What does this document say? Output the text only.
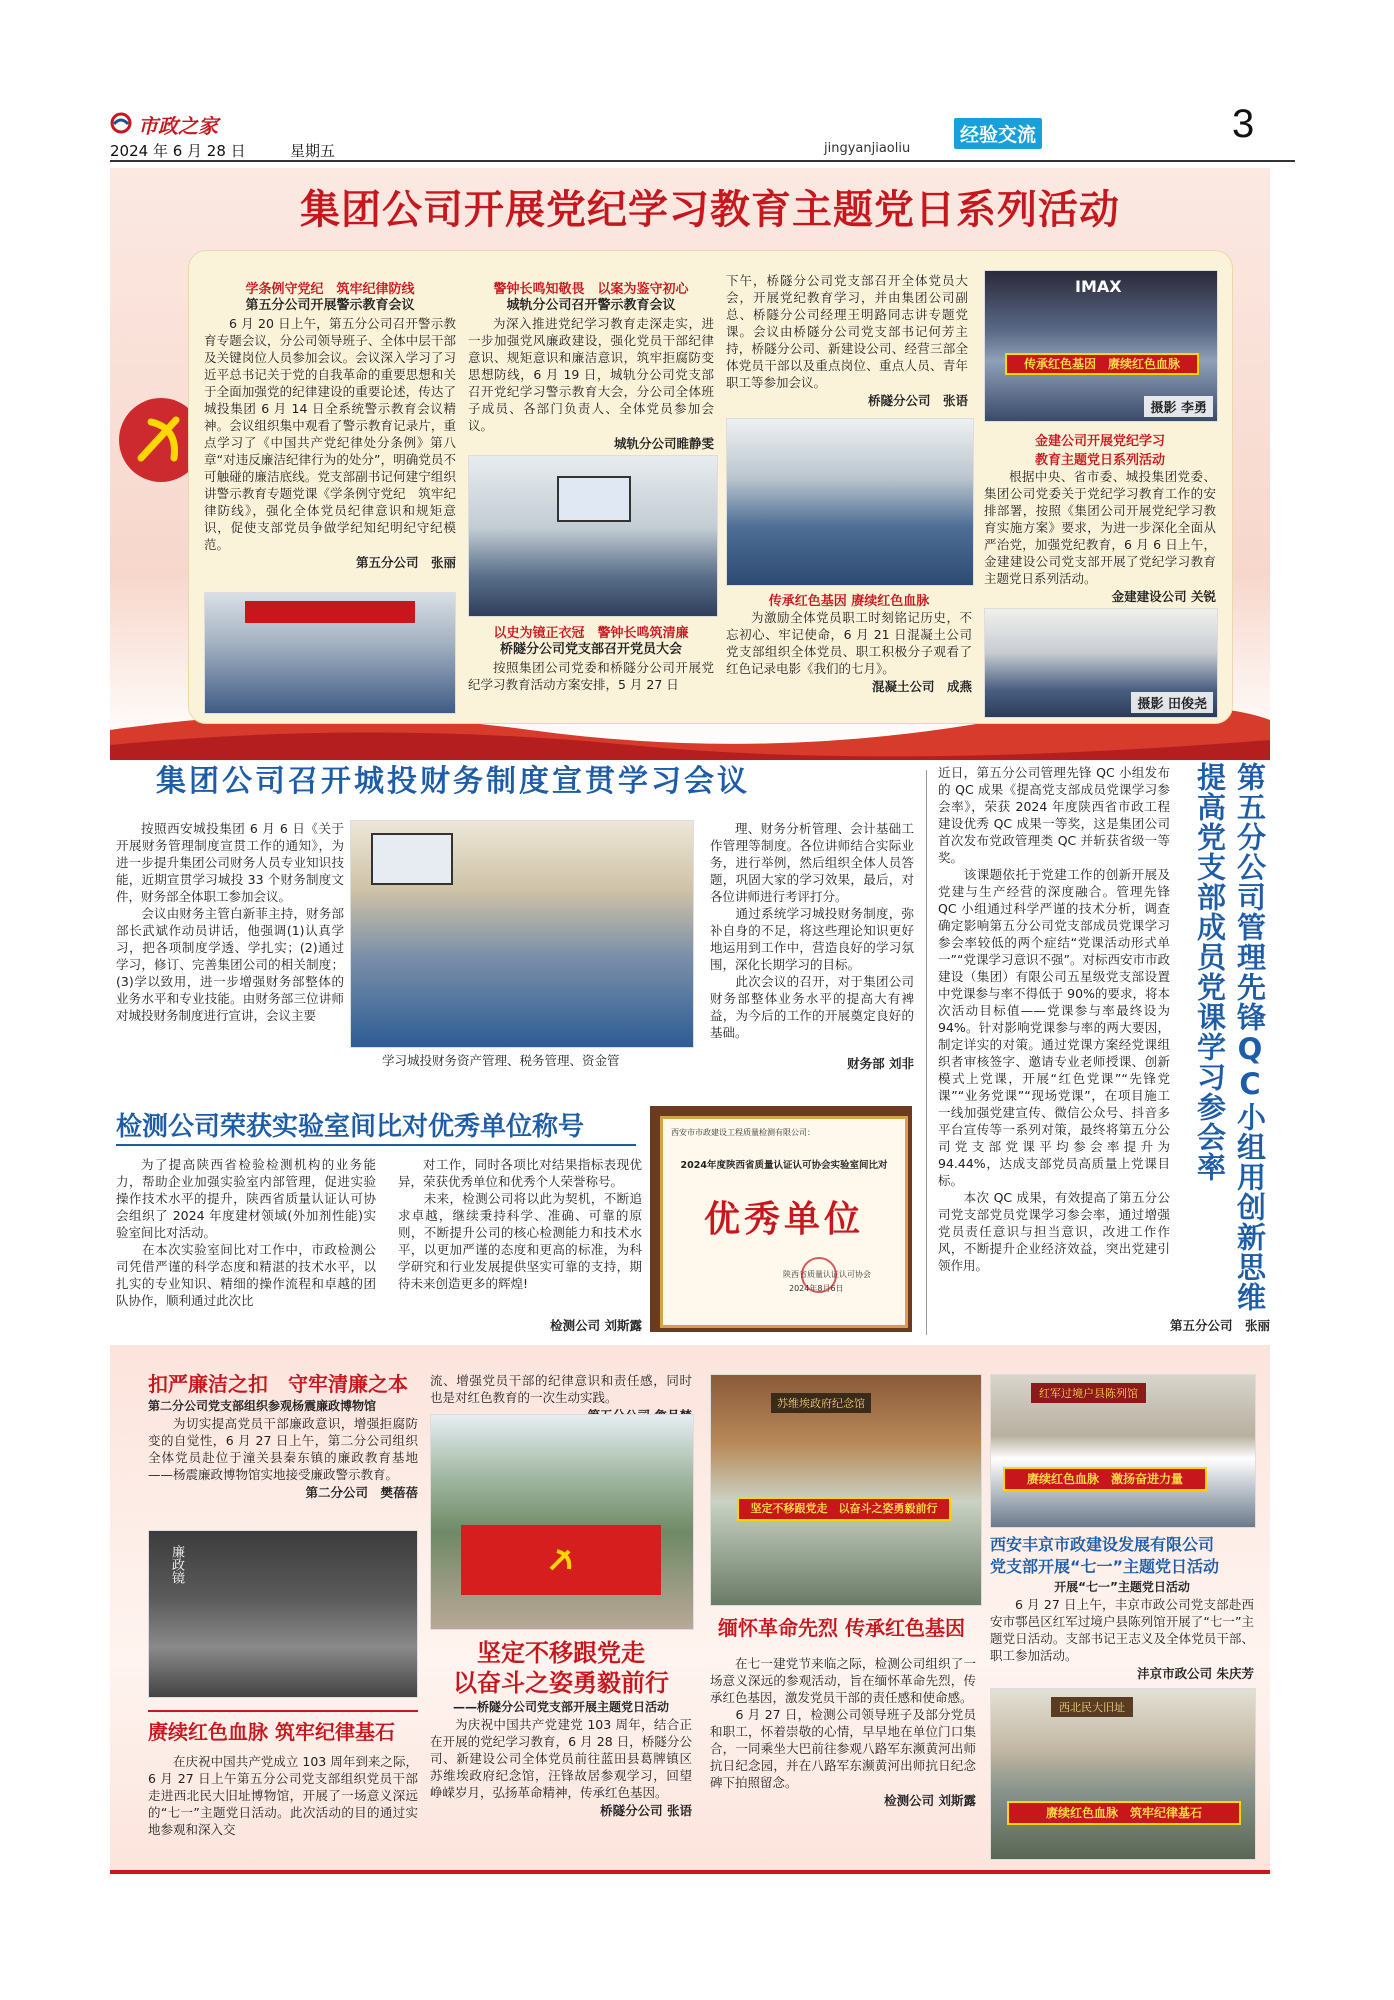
市政之家
2024 年 6 月 28 日	星期五	jingyanjiaoliu
经验交流	3
集团公司开展党纪学习教育主题党日系列活动
学条例守党纪　筑牢纪律防线
第五分公司开展警示教育会议

6 月 20 日上午，第五分公司召开警示教育专题会议，分公司领导班子、全体中层干部及关键岗位人员参加会议。会议深入学习了习近平总书记关于党的自我革命的重要思想和关于全面加强党的纪律建设的重要论述，传达了城投集团 6 月 14 日全系统警示教育会议精神。会议组织集中观看了警示教育记录片，重点学习了《中国共产党纪律处分条例》第八章“对违反廉洁纪律行为的处分”，明确党员不可触碰的廉洁底线。党支部副书记何建宁组织讲警示教育专题党课《学条例守党纪　筑牢纪律防线》，强化全体党员纪律意识和规矩意识，促使支部党员争做学纪知纪明纪守纪模范。

第五分公司　张丽
警钟长鸣知敬畏　以案为鉴守初心
城轨分公司召开警示教育会议

为深入推进党纪学习教育走深走实，进一步加强党风廉政建设，强化党员干部纪律意识、规矩意识和廉洁意识，筑牢拒腐防变思想防线，6 月 19 日，城轨分公司党支部召开党纪学习警示教育大会，分公司全体班子成员、各部门负责人、全体党员参加会议。

城轨分公司睢静雯
以史为镜正衣冠　警钟长鸣筑清廉
桥隧分公司党支部召开党员大会

按照集团公司党委和桥隧分公司开展党纪学习教育活动方案安排，5 月 27 日

下午，桥隧分公司党支部召开全体党员大会，开展党纪教育学习，并由集团公司副总、桥隧分公司经理王明路同志讲专题党课。会议由桥隧分公司党支部书记何芳主持，桥隧分公司、新建设公司、经营三部全体党员干部以及重点岗位、重点人员、青年职工等参加会议。
桥隧分公司　张语
传承红色基因 赓续红色血脉

为激励全体党员职工时刻铭记历史，不忘初心、牢记使命，6 月 21 日混凝土公司党支部组织全体党员、职工积极分子观看了红色记录电影《我们的七月》。

混凝土公司　成燕
IMAX
传承红色基因　赓续红色血脉
摄影 李勇
金建公司开展党纪学习
教育主题党日系列活动

根据中央、省市委、城投集团党委、集团公司党委关于党纪学习教育工作的安排部署，按照《集团公司开展党纪学习教育实施方案》要求，为进一步深化全面从严治党，加强党纪教育，6 月 6 日上午，金建建设公司党支部开展了党纪学习教育主题党日系列活动。

金建建设公司 关锐
摄影 田俊尧
集团公司召开城投财务制度宣贯学习会议

按照西安城投集团 6 月 6 日《关于开展财务管理制度宣贯工作的通知》，为进一步提升集团公司财务人员专业知识技能，近期宣贯学习城投 33 个财务制度文件，财务部全体职工参加会议。
　　会议由财务主管白新菲主持，财务部部长武斌作动员讲话，他强调(1)认真学习，把各项制度学透、学扎实；(2)通过学习，修订、完善集团公司的相关制度；(3)学以致用，进一步增强财务部整体的业务水平和专业技能。由财务部三位讲师对城投财务制度进行宣讲，会议主要

学习城投财务资产管理、税务管理、资金管

理、财务分析管理、会计基础工作管理等制度。各位讲师结合实际业务，进行举例，然后组织全体人员答题，巩固大家的学习效果，最后，对各位讲师进行考评打分。
　　通过系统学习城投财务制度，弥补自身的不足，将这些理论知识更好地运用到工作中，营造良好的学习氛围，深化长期学习的目标。
　　此次会议的召开，对于集团公司财务部整体业务水平的提高大有裨益，为今后的工作的开展奠定良好的基础。

财务部 刘非
近日，第五分公司管理先锋 QC 小组发布的 QC 成果《提高党支部成员党课学习参会率》，荣获 2024 年度陕西省市政工程建设优秀 QC 成果一等奖，这是集团公司首次发布党政管理类 QC 并斩获省级一等奖。
　　该课题依托于党建工作的创新开展及党建与生产经营的深度融合。管理先锋 QC 小组通过科学严谨的技术分析，调查确定影响第五分公司党支部成员党课学习参会率较低的两个症结“党课活动形式单一”“党课学习意识不强”。对标西安市市政建设（集团）有限公司五星级党支部设置中党课参与率不得低于 90%的要求，将本次活动目标值——党课参与率最终设为 94%。针对影响党课参与率的两大要因，制定详实的对策。通过党课方案经党课组织者审核签字、邀请专业老师授课、创新模式上党课，开展“红色党课”“先锋党课”“业务党课”“现场党课”，在项目施工一线加强党建宣传、微信公众号、抖音多平台宣传等一系列对策，最终将第五分公司党支部党课平均参会率提升为 94.44%，达成支部党员高质量上党课目标。
　　本次 QC 成果，有效提高了第五分公司党支部党员党课学习参会率，通过增强党员责任意识与担当意识，改进工作作风，不断提升企业经济效益，突出党建引领作用。	第五分公司管理先锋QC小组用创新思维提高党支部成员党课学习参会率
第五分公司　张丽
检测公司荣获实验室间比对优秀单位称号

为了提高陕西省检验检测机构的业务能力，帮助企业加强实验室内部管理，促进实验操作技术水平的提升，陕西省质量认证认可协会组织了 2024 年度建材领域(外加剂性能)实验室间比对活动。
　　在本次实验室间比对工作中，市政检测公司凭借严谨的科学态度和精湛的技术水平，以扎实的专业知识、精细的操作流程和卓越的团队协作，顺利通过此次比

对工作，同时各项比对结果指标表现优异，荣获优秀单位和优秀个人荣誉称号。
　　未来，检测公司将以此为契机，不断追求卓越，继续秉持科学、准确、可靠的原则，不断提升公司的核心检测能力和技术水平，以更加严谨的态度和更高的标准，为科学研究和行业发展提供坚实可靠的支持，期待未来创造更多的辉煌!

检测公司 刘斯露
西安市市政建设工程质量检测有限公司：
2024年度陕西省质量认证认可协会实验室间比对
优秀单位
陕西省质量认证认可协会
2024年8月6日
扣严廉洁之扣　守牢清廉之本
第二分公司党支部组织参观杨震廉政博物馆

为切实提高党员干部廉政意识，增强拒腐防变的自觉性，6 月 27 日上午，第二分公司组织全体党员赴位于潼关县秦东镇的廉政教育基地——杨震廉政博物馆实地接受廉政警示教育。

第二分公司　樊蓓蓓
廉政镜
赓续红色血脉 筑牢纪律基石

在庆祝中国共产党成立 103 周年到来之际，6 月 27 日上午第五分公司党支部组织党员干部走进西北民大旧址博物馆，开展了一场意义深远的“七一”主题党日活动。此次活动的目的通过实地参观和深入交

流、增强党员干部的纪律意识和责任感，同时也是对红色教育的一次生动实践。
坚定不移跟党走
以奋斗之姿勇毅前行
——桥隧分公司党支部开展主题党日活动

为庆祝中国共产党建党 103 周年，结合正在开展的党纪学习教育，6 月 28 日，桥隧分公司、新建设公司全体党员前往蓝田县葛牌镇区苏维埃政府纪念馆，汪锋故居参观学习，回望峥嵘岁月，弘扬革命精神，传承红色基因。

桥隧分公司 张语
苏维埃政府纪念馆
坚定不移跟党走　以奋斗之姿勇毅前行
缅怀革命先烈 传承红色基因

在七一建党节来临之际，检测公司组织了一场意义深远的参观活动，旨在缅怀革命先烈，传承红色基因，激发党员干部的责任感和使命感。
　　6 月 27 日，检测公司领导班子及部分党员和职工，怀着崇敬的心情，早早地在单位门口集合，一同乘坐大巴前往参观八路军东濒黄河出师抗日纪念园，并在八路军东濒黄河出师抗日纪念碑下拍照留念。

检测公司 刘斯露
红军过境户县陈列馆
赓续红色血脉　激扬奋进力量
西安丰京市政建设发展有限公司
党支部开展“七一”主题党日活动
开展“七一”主题党日活动

6 月 27 日上午，丰京市政公司党支部赴西安市鄠邑区红军过境户县陈列馆开展了“七一”主题党日活动。支部书记王志义及全体党员干部、职工参加活动。

沣京市政公司 朱庆芳
西北民大旧址
赓续红色血脉　筑牢纪律基石
